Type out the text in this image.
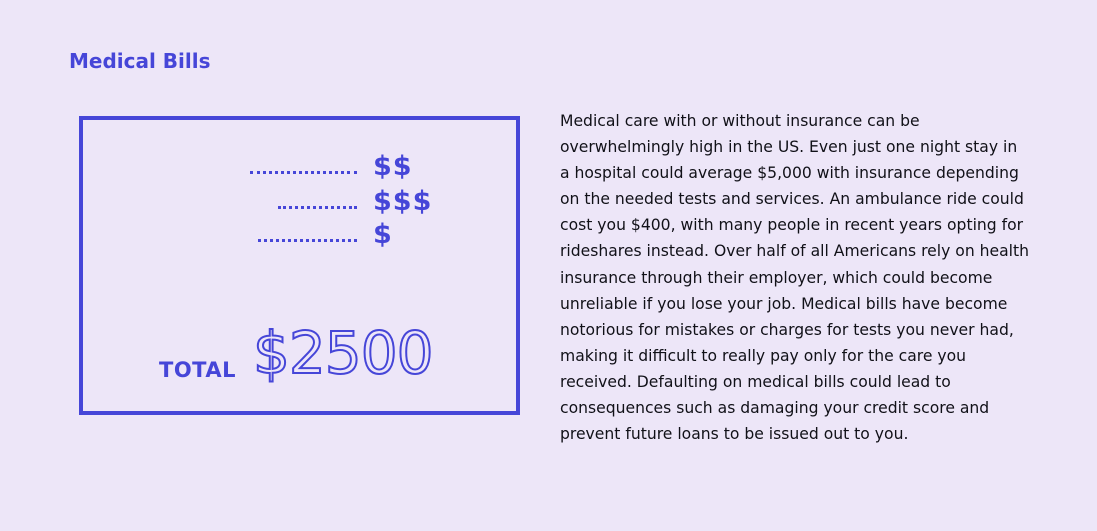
Medical Bills
$$
$$$
$
TOTAL $2500

Medical care with or without insurance can be overwhelmingly high in the US. Even just one night stay in a hospital could average $5,000 with insurance depending on the needed tests and services. An ambulance ride could cost you $400, with many people in recent years opting for rideshares instead. Over half of all Americans rely on health insurance through their employer, which could become unreliable if you lose your job. Medical bills have become notorious for mistakes or charges for tests you never had, making it difficult to really pay only for the care you received. Defaulting on medical bills could lead to consequences such as damaging your credit score and prevent future loans to be issued out to you.
